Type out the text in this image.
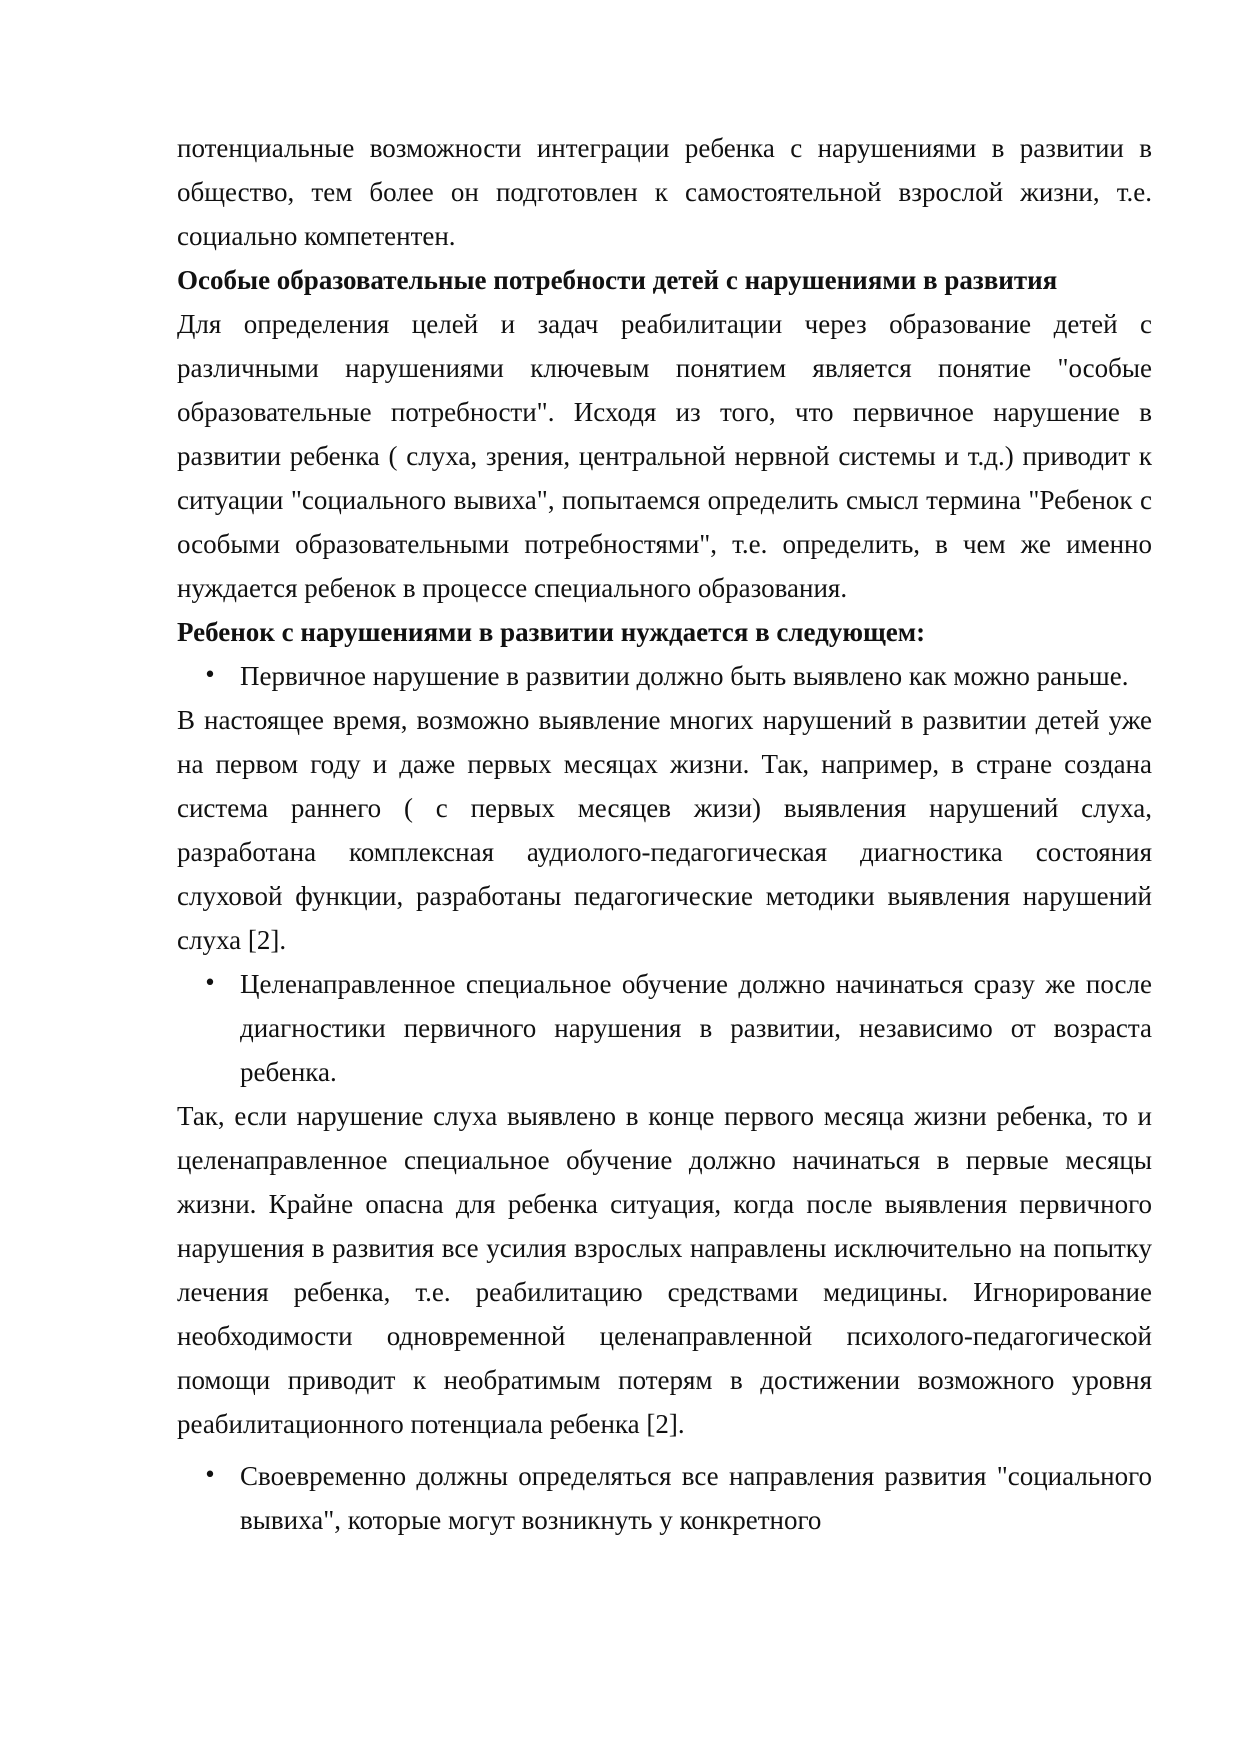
потенциальные возможности интеграции ребенка с нарушениями в развитии в общество, тем более он подготовлен к самостоятельной взрослой жизни, т.е. социально компетентен.

Особые образовательные потребности детей с нарушениями в развития

Для определения целей и задач реабилитации через образование детей с различными нарушениями ключевым понятием является понятие "особые образовательные потребности". Исходя из того, что первичное нарушение в развитии ребенка ( слуха, зрения, центральной нервной системы и т.д.) приводит к ситуации "социального вывиха", попытаемся определить смысл термина "Ребенок с особыми образовательными потребностями", т.е. определить, в чем же именно нуждается ребенок в процессе специального образования.

Ребенок с нарушениями в развитии нуждается в следующем:

• Первичное нарушение в развитии должно быть выявлено как можно раньше.

В настоящее время, возможно выявление многих нарушений в развитии детей уже на первом году и даже первых месяцах жизни. Так, например, в стране создана система раннего ( с первых месяцев жизи) выявления нарушений слуха, разработана комплексная аудиолого-педагогическая диагностика состояния слуховой функции, разработаны педагогические методики выявления нарушений слуха [2].

• Целенаправленное специальное обучение должно начинаться сразу же после диагностики первичного нарушения в развитии, независимо от возраста ребенка.

Так, если нарушение слуха выявлено в конце первого месяца жизни ребенка, то и целенаправленное специальное обучение должно начинаться в первые месяцы жизни. Крайне опасна для ребенка ситуация, когда после выявления первичного нарушения в развития все усилия взрослых направлены исключительно на попытку лечения ребенка, т.е. реабилитацию средствами медицины. Игнорирование необходимости одновременной целенаправленной психолого-педагогической помощи приводит к необратимым потерям в достижении возможного уровня реабилитационного потенциала ребенка [2].

• Своевременно должны определяться все направления развития "социального вывиха", которые могут возникнуть у конкретного
